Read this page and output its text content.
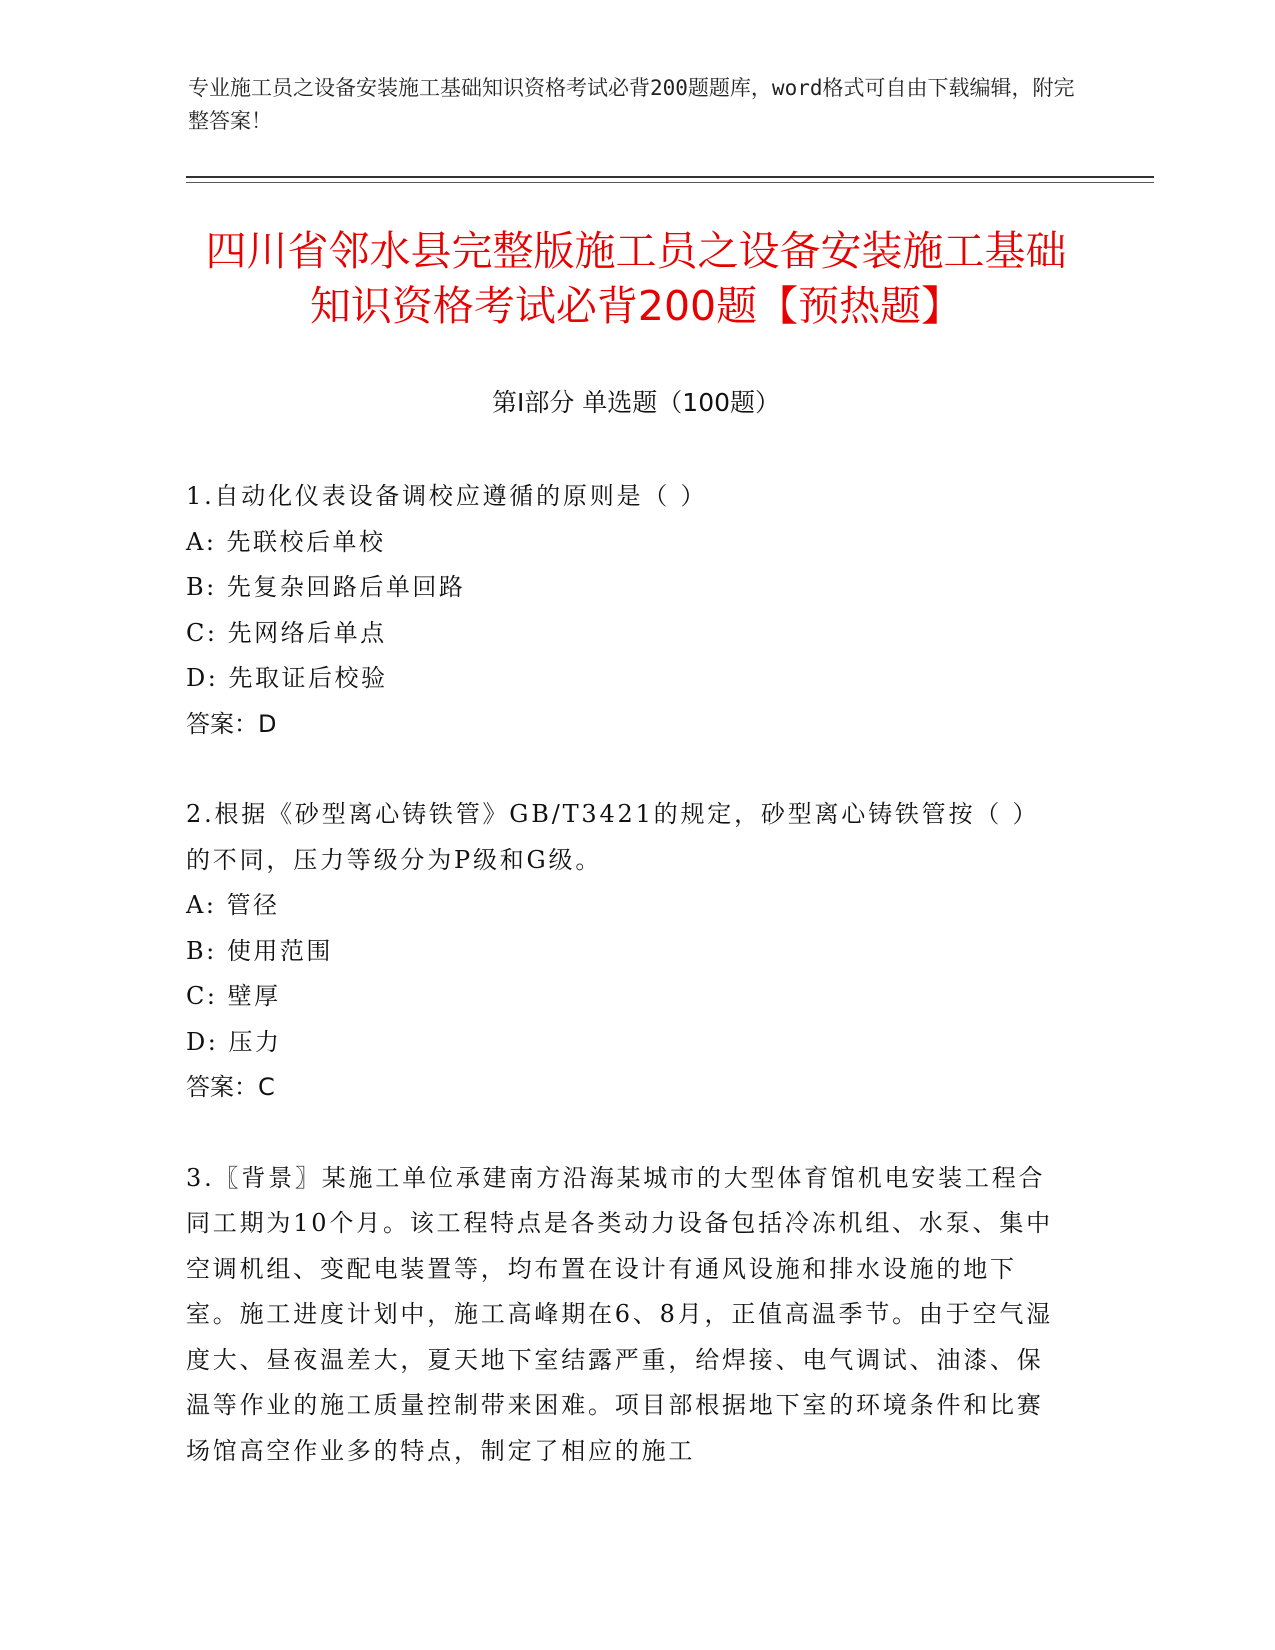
专业施工员之设备安装施工基础知识资格考试必背200题题库，word格式可自由下载编辑，附完整答案！

四川省邻水县完整版施工员之设备安装施工基础知识资格考试必背200题【预热题】
第Ⅰ部分 单选题（100题）

1.自动化仪表设备调校应遵循的原则是（ ）

A: 先联校后单校

B: 先复杂回路后单回路

C: 先网络后单点

D: 先取证后校验

答案：D

2.根据《砂型离心铸铁管》GB/T3421的规定，砂型离心铸铁管按（ ）的不同，压力等级分为P级和G级。

A: 管径

B: 使用范围

C: 壁厚

D: 压力

答案：C

3.〖背景〗某施工单位承建南方沿海某城市的大型体育馆机电安装工程合同工期为10个月。该工程特点是各类动力设备包括冷冻机组、水泵、集中空调机组、变配电装置等，均布置在设计有通风设施和排水设施的地下室。施工进度计划中，施工高峰期在6、8月，正值高温季节。由于空气湿度大、昼夜温差大，夏天地下室结露严重，给焊接、电气调试、油漆、保温等作业的施工质量控制带来困难。项目部根据地下室的环境条件和比赛场馆高空作业多的特点，制定了相应的施工
